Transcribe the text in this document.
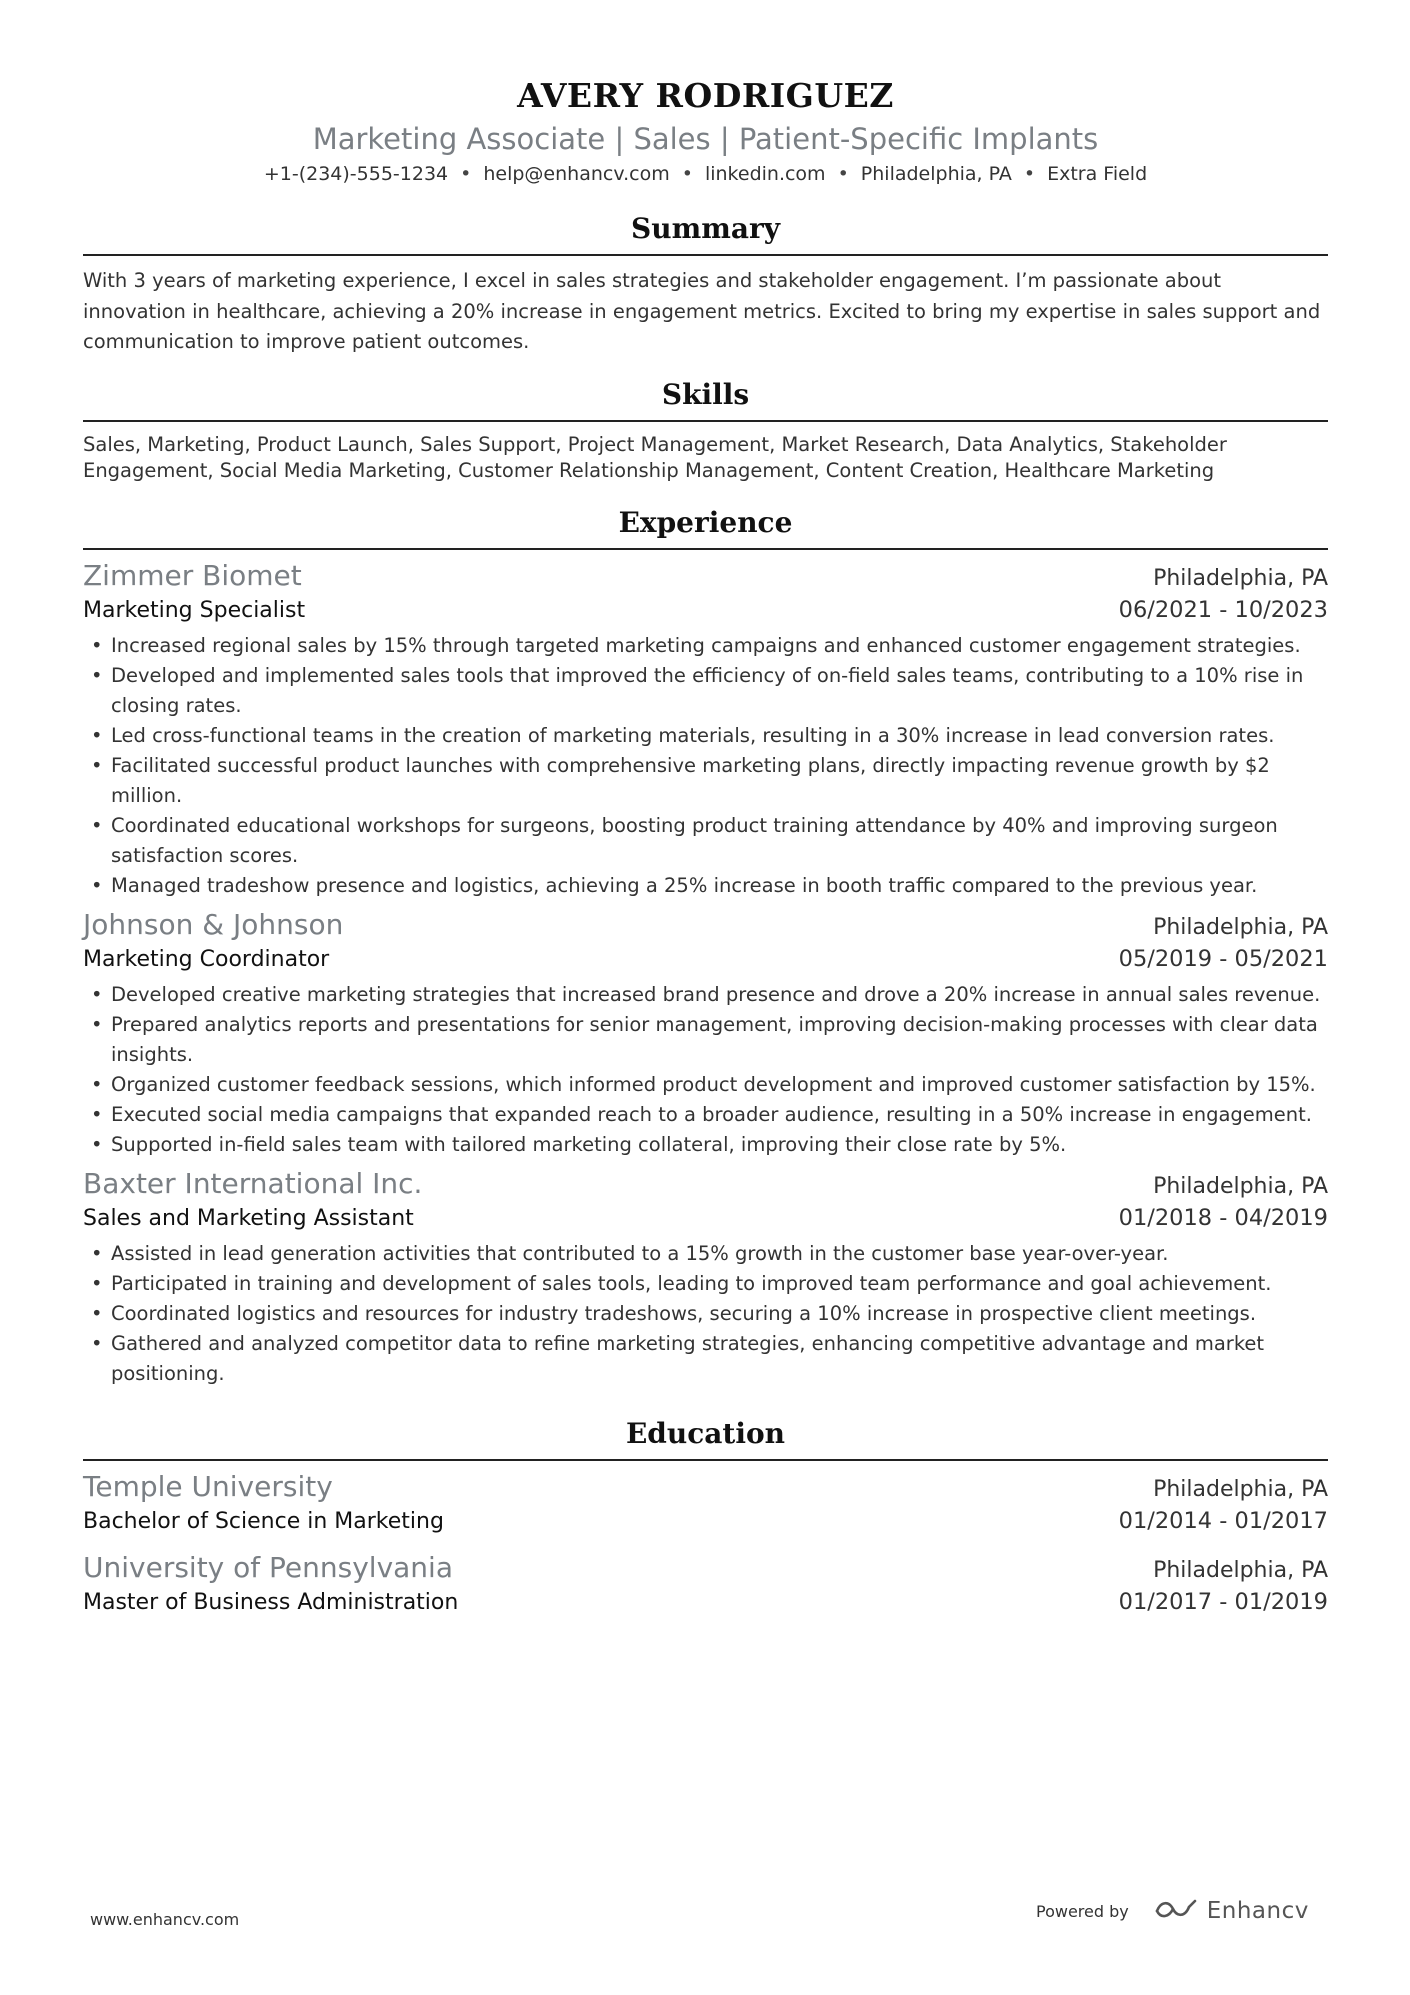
AVERY RODRIGUEZ
Marketing Associate | Sales | Patient-Specific Implants
+1-(234)-555-1234 • help@enhancv.com • linkedin.com • Philadelphia, PA • Extra Field
Summary
With 3 years of marketing experience, I excel in sales strategies and stakeholder engagement. I’m passionate about innovation in healthcare, achieving a 20% increase in engagement metrics. Excited to bring my expertise in sales support and communication to improve patient outcomes.
Skills
Sales, Marketing, Product Launch, Sales Support, Project Management, Market Research, Data Analytics, Stakeholder Engagement, Social Media Marketing, Customer Relationship Management, Content Creation, Healthcare Marketing
Experience
Zimmer Biomet	Philadelphia, PA
Marketing Specialist	06/2021 - 10/2023
• Increased regional sales by 15% through targeted marketing campaigns and enhanced customer engagement strategies.
• Developed and implemented sales tools that improved the efficiency of on-field sales teams, contributing to a 10% rise in closing rates.
• Led cross-functional teams in the creation of marketing materials, resulting in a 30% increase in lead conversion rates.
• Facilitated successful product launches with comprehensive marketing plans, directly impacting revenue growth by $2 million.
• Coordinated educational workshops for surgeons, boosting product training attendance by 40% and improving surgeon satisfaction scores.
• Managed tradeshow presence and logistics, achieving a 25% increase in booth traffic compared to the previous year.
Johnson & Johnson	Philadelphia, PA
Marketing Coordinator	05/2019 - 05/2021
• Developed creative marketing strategies that increased brand presence and drove a 20% increase in annual sales revenue.
• Prepared analytics reports and presentations for senior management, improving decision-making processes with clear data insights.
• Organized customer feedback sessions, which informed product development and improved customer satisfaction by 15%.
• Executed social media campaigns that expanded reach to a broader audience, resulting in a 50% increase in engagement.
• Supported in-field sales team with tailored marketing collateral, improving their close rate by 5%.
Baxter International Inc.	Philadelphia, PA
Sales and Marketing Assistant	01/2018 - 04/2019
• Assisted in lead generation activities that contributed to a 15% growth in the customer base year-over-year.
• Participated in training and development of sales tools, leading to improved team performance and goal achievement.
• Coordinated logistics and resources for industry tradeshows, securing a 10% increase in prospective client meetings.
• Gathered and analyzed competitor data to refine marketing strategies, enhancing competitive advantage and market positioning.
Education
Temple University	Philadelphia, PA
Bachelor of Science in Marketing	01/2014 - 01/2017
University of Pennsylvania	Philadelphia, PA
Master of Business Administration	01/2017 - 01/2019
www.enhancv.com	Powered by	Enhancv
